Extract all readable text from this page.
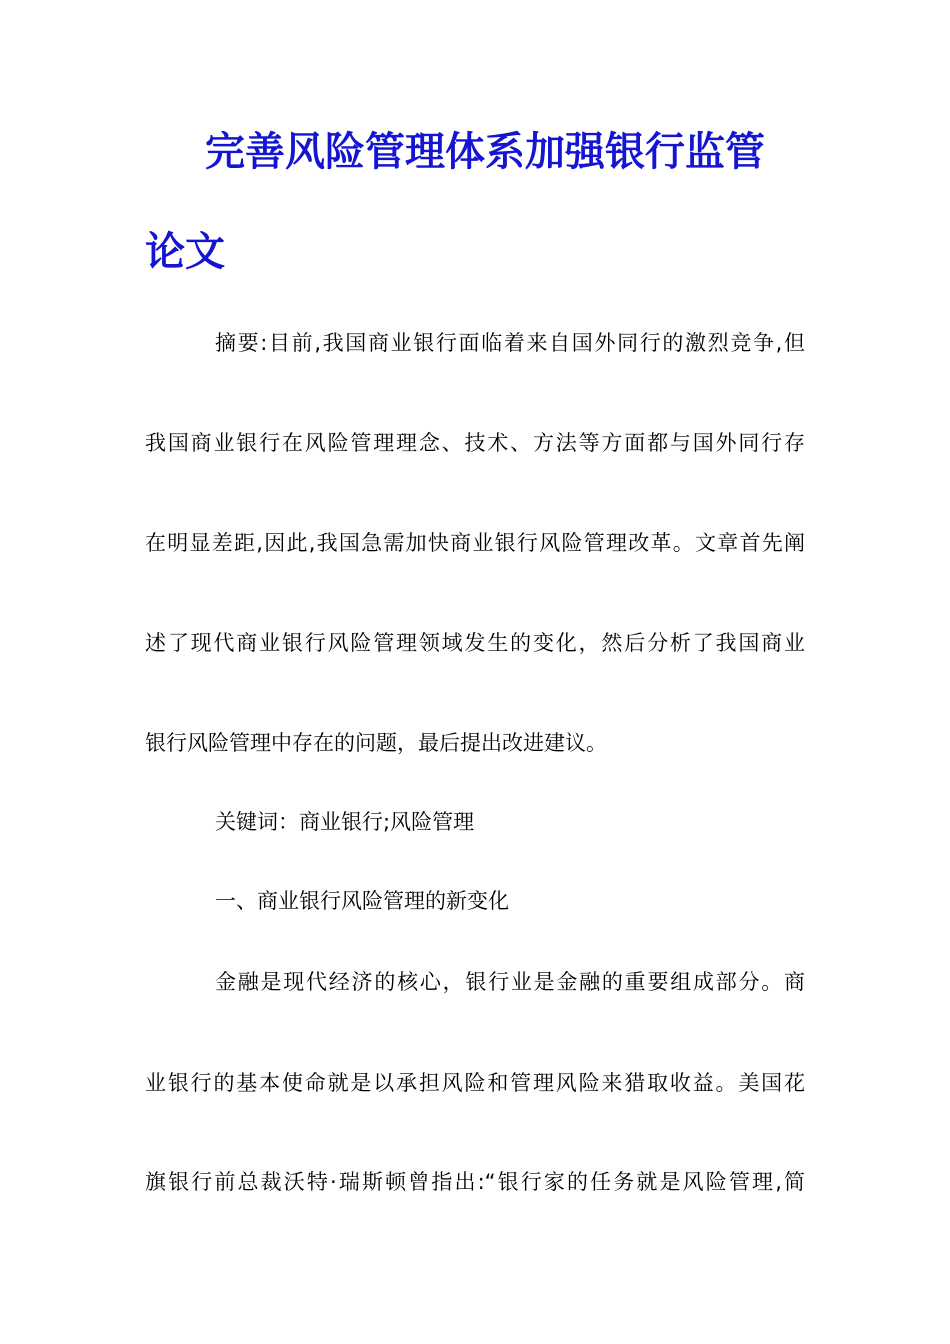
完善风险管理体系加强银行监管
论文
摘要:目前,我国商业银行面临着来自国外同行的激烈竞争,但
我国商业银行在风险管理理念、技术、方法等方面都与国外同行存
在明显差距,因此,我国急需加快商业银行风险管理改革。文章首先阐
述了现代商业银行风险管理领域发生的变化，然后分析了我国商业
银行风险管理中存在的问题，最后提出改进建议。
关键词：商业银行;风险管理
一、商业银行风险管理的新变化
金融是现代经济的核心，银行业是金融的重要组成部分。商
业银行的基本使命就是以承担风险和管理风险来猎取收益。美国花
旗银行前总裁沃特·瑞斯顿曾指出:“银行家的任务就是风险管理,简
